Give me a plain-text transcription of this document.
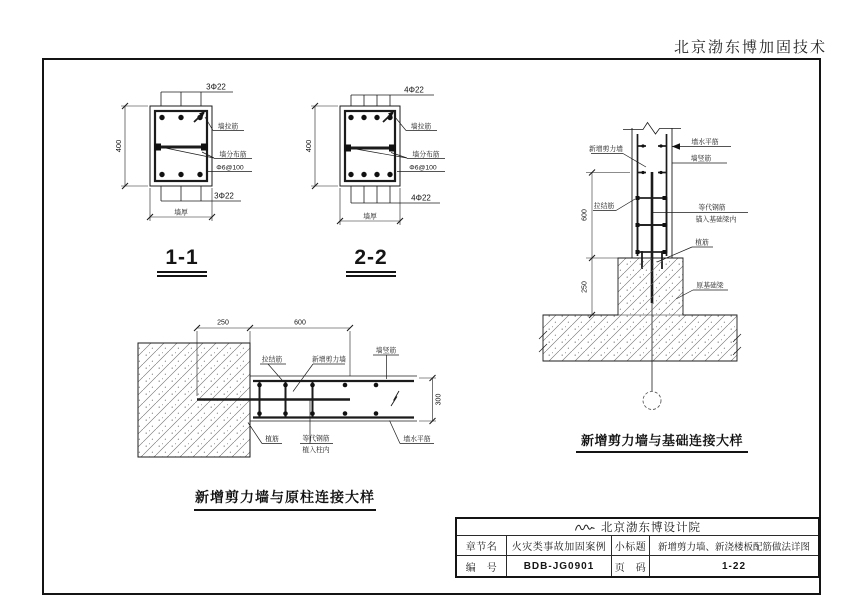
北京渤东博加固技术
3Φ22
3Φ22
400
墙厚
墙拉筋
墙分布筋
Φ6@100
4Φ22
4Φ22
400
墙厚
墙拉筋
墙分布筋
Φ6@100
250	600
300
拉结筋	新增剪力墙
墙竖筋
墙水平筋
植筋	等代钢筋
植入柱内
600
250
新增剪力墙
拉结筋
墙水平筋
墙竖筋
等代钢筋
锚入基础梁内
植筋
原基础梁
1-1	2-2
新增剪力墙与原柱连接大样
新增剪力墙与基础连接大样
北京渤东博设计院
章节名	火灾类事故加固案例 小标题	新增剪力墙、新浇楼板配筋做法详图
编　号	BDB-JG0901	页　码	1-22
